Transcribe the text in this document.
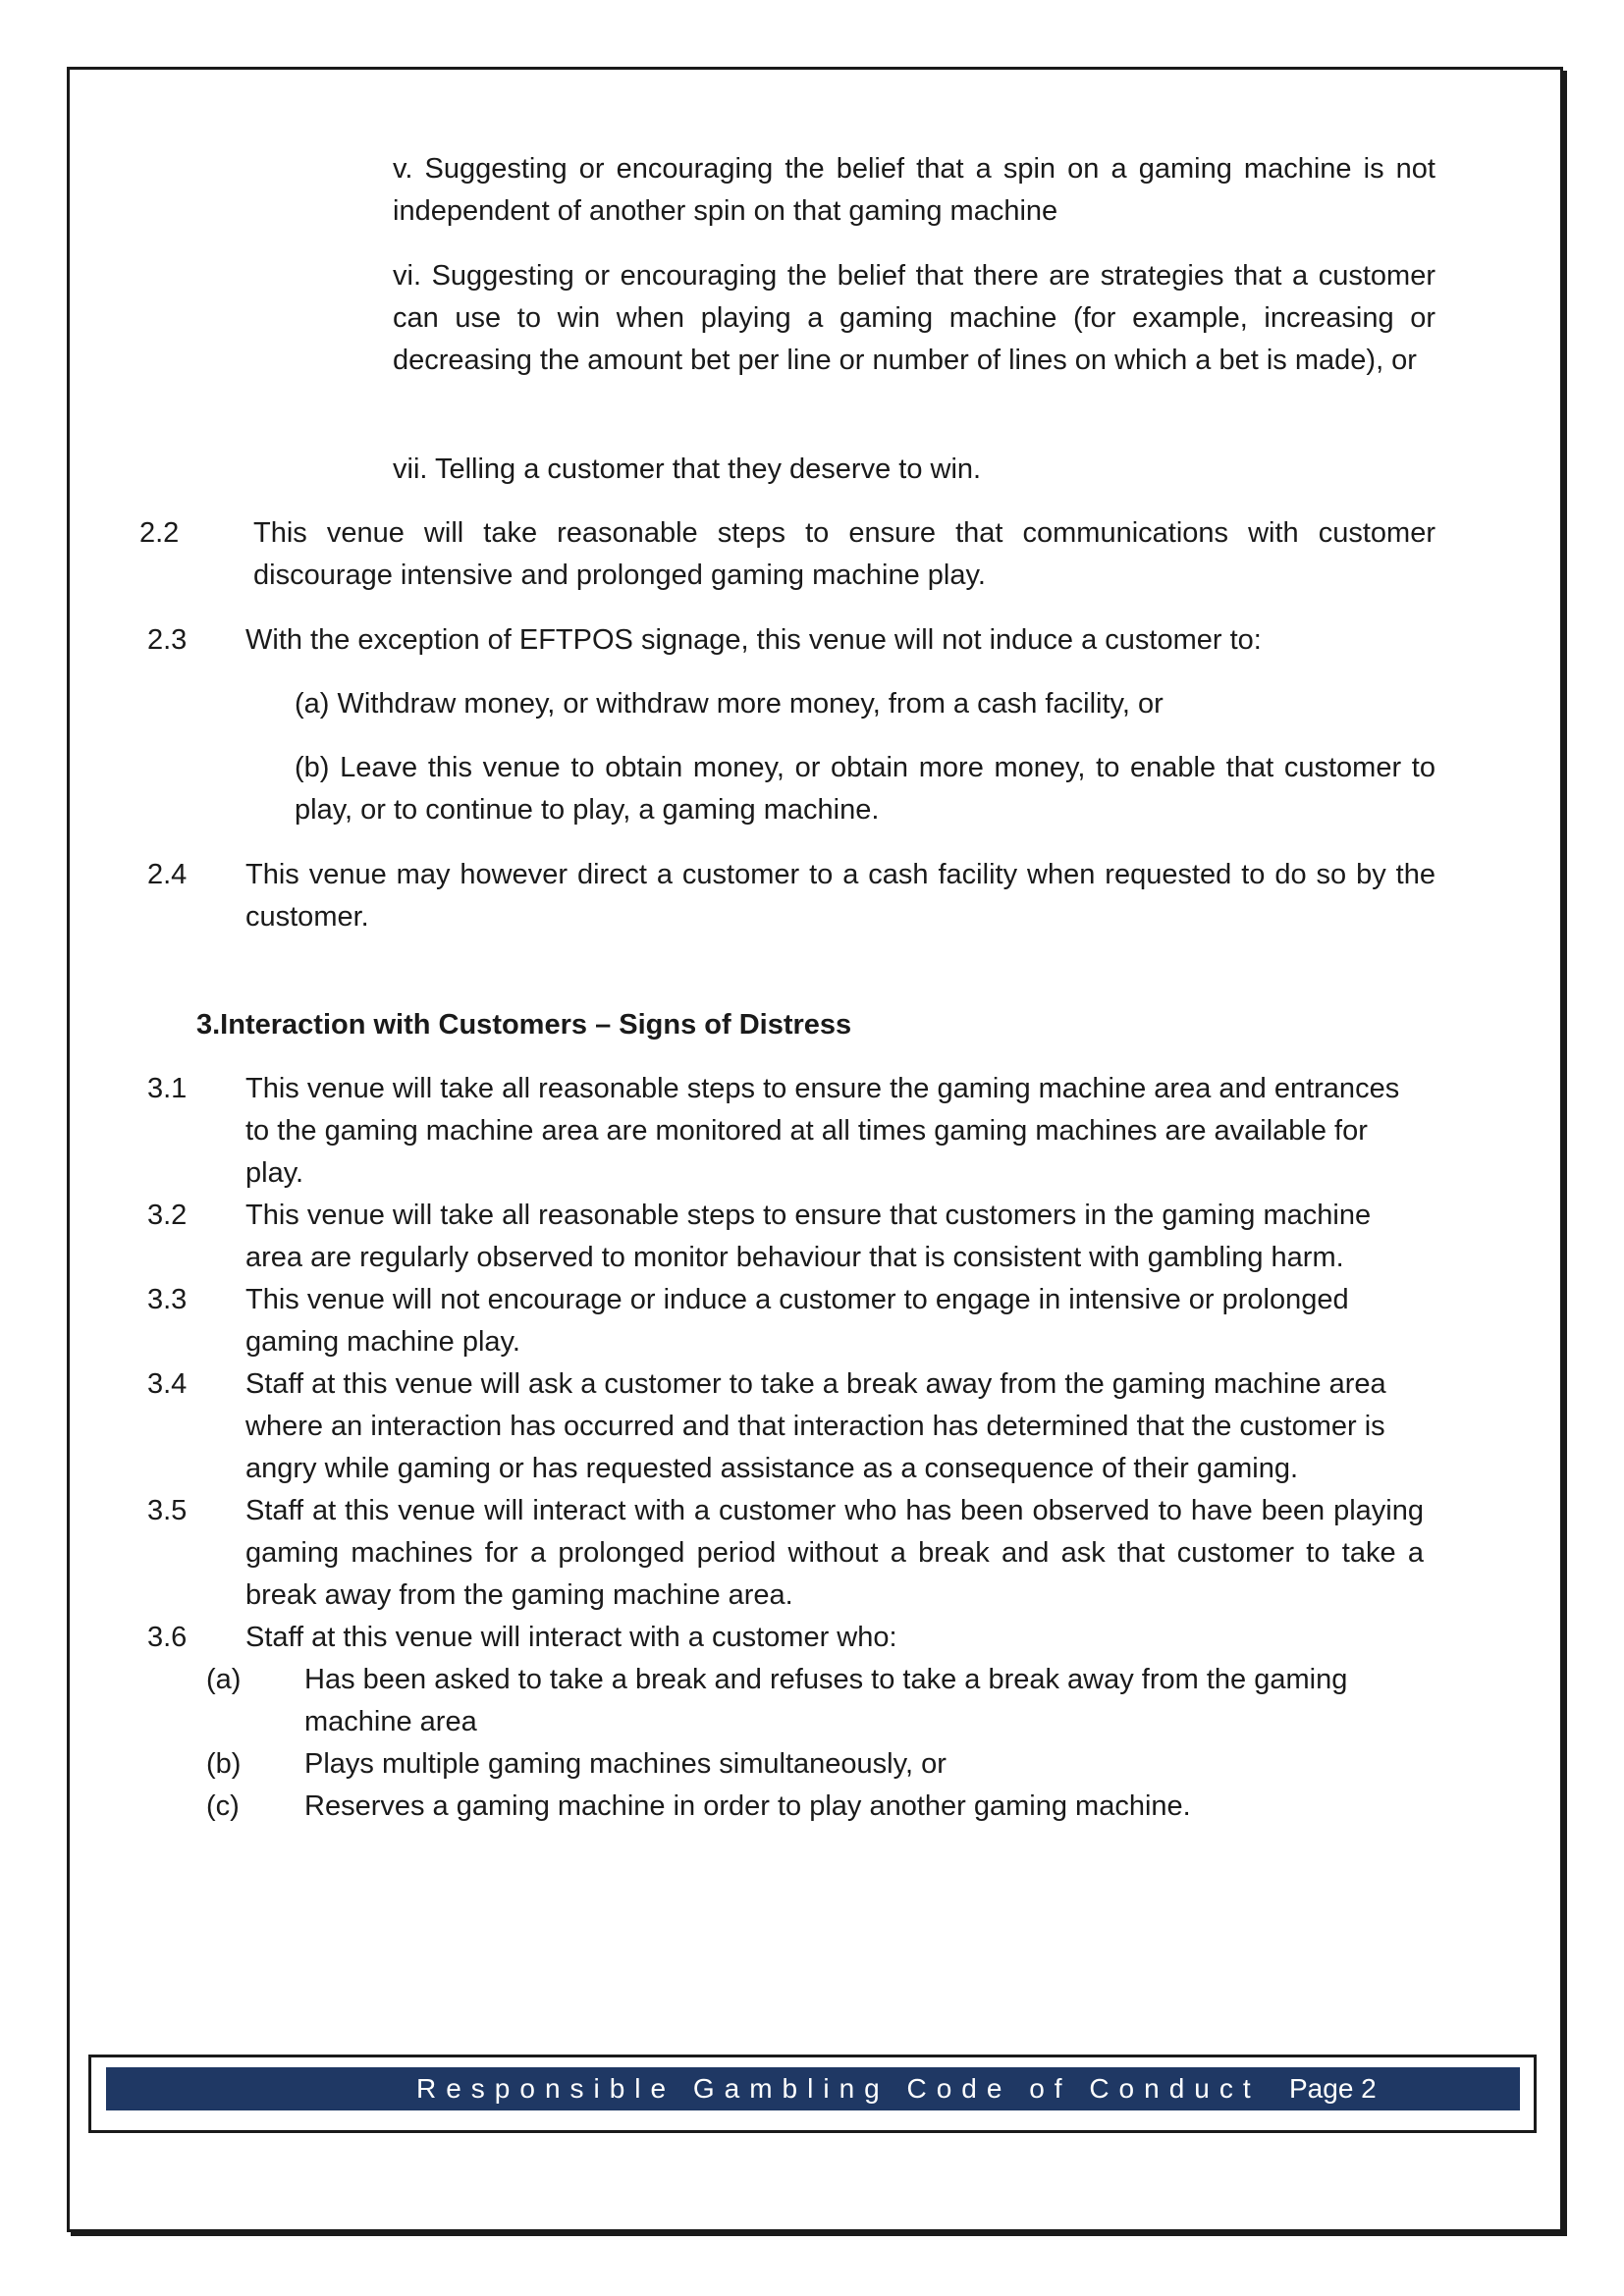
v. Suggesting or encouraging the belief that a spin on a gaming machine is not independent of another spin on that gaming machine

vi. Suggesting or encouraging the belief that there are strategies that a customer can use to win when playing a gaming machine (for example, increasing or decreasing the amount bet per line or number of lines on which a bet is made), or

vii. Telling a customer that they deserve to win.

2.2	This venue will take reasonable steps to ensure that communications with customer discourage intensive and prolonged gaming machine play.
2.3 With the exception of EFTPOS signage, this venue will not induce a customer to:

(a) Withdraw money, or withdraw more money, from a cash facility, or

(b) Leave this venue to obtain money, or obtain more money, to enable that customer to play, or to continue to play, a gaming machine.

2.4 This venue may however direct a customer to a cash facility when requested to do so by the customer.

3.Interaction with Customers – Signs of Distress

3.1 This venue will take all reasonable steps to ensure the gaming machine area and entrances to the gaming machine area are monitored at all times gaming machines are available for play.
3.2 This venue will take all reasonable steps to ensure that customers in the gaming machine area are regularly observed to monitor behaviour that is consistent with gambling harm.
3.3 This venue will not encourage or induce a customer to engage in intensive or prolonged gaming machine play.
3.4 Staff at this venue will ask a customer to take a break away from the gaming machine area where an interaction has occurred and that interaction has determined that the customer is angry while gaming or has requested assistance as a consequence of their gaming.
3.5 Staff at this venue will interact with a customer who has been observed to have been playing gaming machines for a prolonged period without a break and ask that customer to take a break away from the gaming machine area.
3.6 Staff at this venue will interact with a customer who:
(a) Has been asked to take a break and refuses to take a break away from the gaming machine area
(b) Plays multiple gaming machines simultaneously, or
(c) Reserves a gaming machine in order to play another gaming machine.
Responsible Gambling Code of Conduct Page 2
